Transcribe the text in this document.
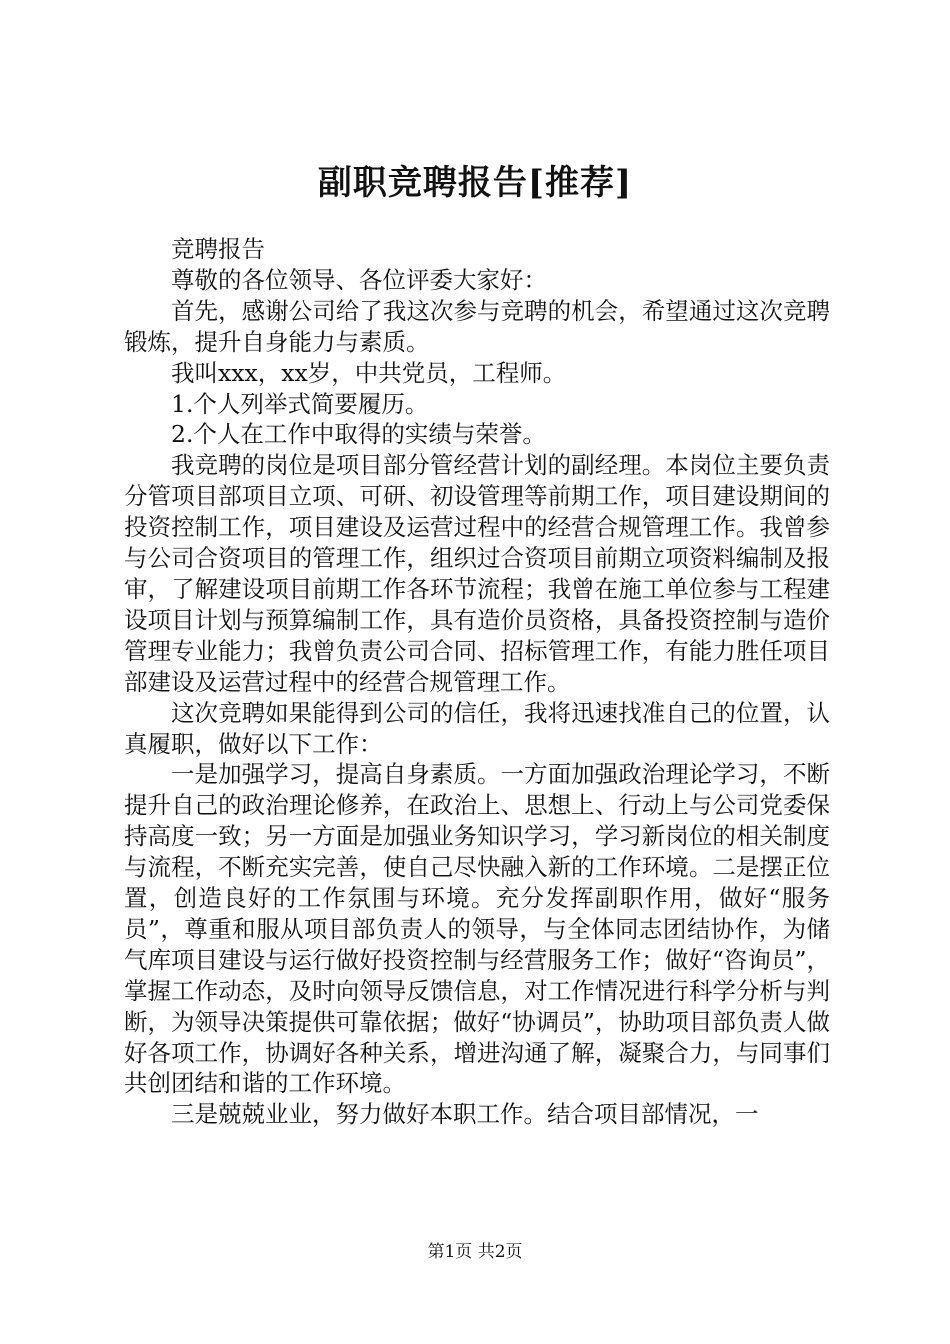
副职竞聘报告[推荐]

竞聘报告

尊敬的各位领导、各位评委大家好：

首先，感谢公司给了我这次参与竞聘的机会，希望通过这次竞聘锻炼，提升自身能力与素质。

我叫xxx，xx岁，中共党员，工程师。

1.个人列举式简要履历。

2.个人在工作中取得的实绩与荣誉。

我竞聘的岗位是项目部分管经营计划的副经理。本岗位主要负责分管项目部项目立项、可研、初设管理等前期工作，项目建设期间的投资控制工作，项目建设及运营过程中的经营合规管理工作。我曾参与公司合资项目的管理工作，组织过合资项目前期立项资料编制及报审，了解建设项目前期工作各环节流程；我曾在施工单位参与工程建设项目计划与预算编制工作，具有造价员资格，具备投资控制与造价管理专业能力；我曾负责公司合同、招标管理工作，有能力胜任项目部建设及运营过程中的经营合规管理工作。

这次竞聘如果能得到公司的信任，我将迅速找准自己的位置，认真履职，做好以下工作：

一是加强学习，提高自身素质。一方面加强政治理论学习，不断提升自己的政治理论修养，在政治上、思想上、行动上与公司党委保持高度一致；另一方面是加强业务知识学习，学习新岗位的相关制度与流程，不断充实完善，使自己尽快融入新的工作环境。二是摆正位置，创造良好的工作氛围与环境。充分发挥副职作用，做好“服务员”，尊重和服从项目部负责人的领导，与全体同志团结协作，为储气库项目建设与运行做好投资控制与经营服务工作；做好“咨询员”，掌握工作动态，及时向领导反馈信息，对工作情况进行科学分析与判断，为领导决策提供可靠依据；做好“协调员”，协助项目部负责人做好各项工作，协调好各种关系，增进沟通了解，凝聚合力，与同事们共创团结和谐的工作环境。

三是兢兢业业，努力做好本职工作。结合项目部情况，一

第1页 共2页
